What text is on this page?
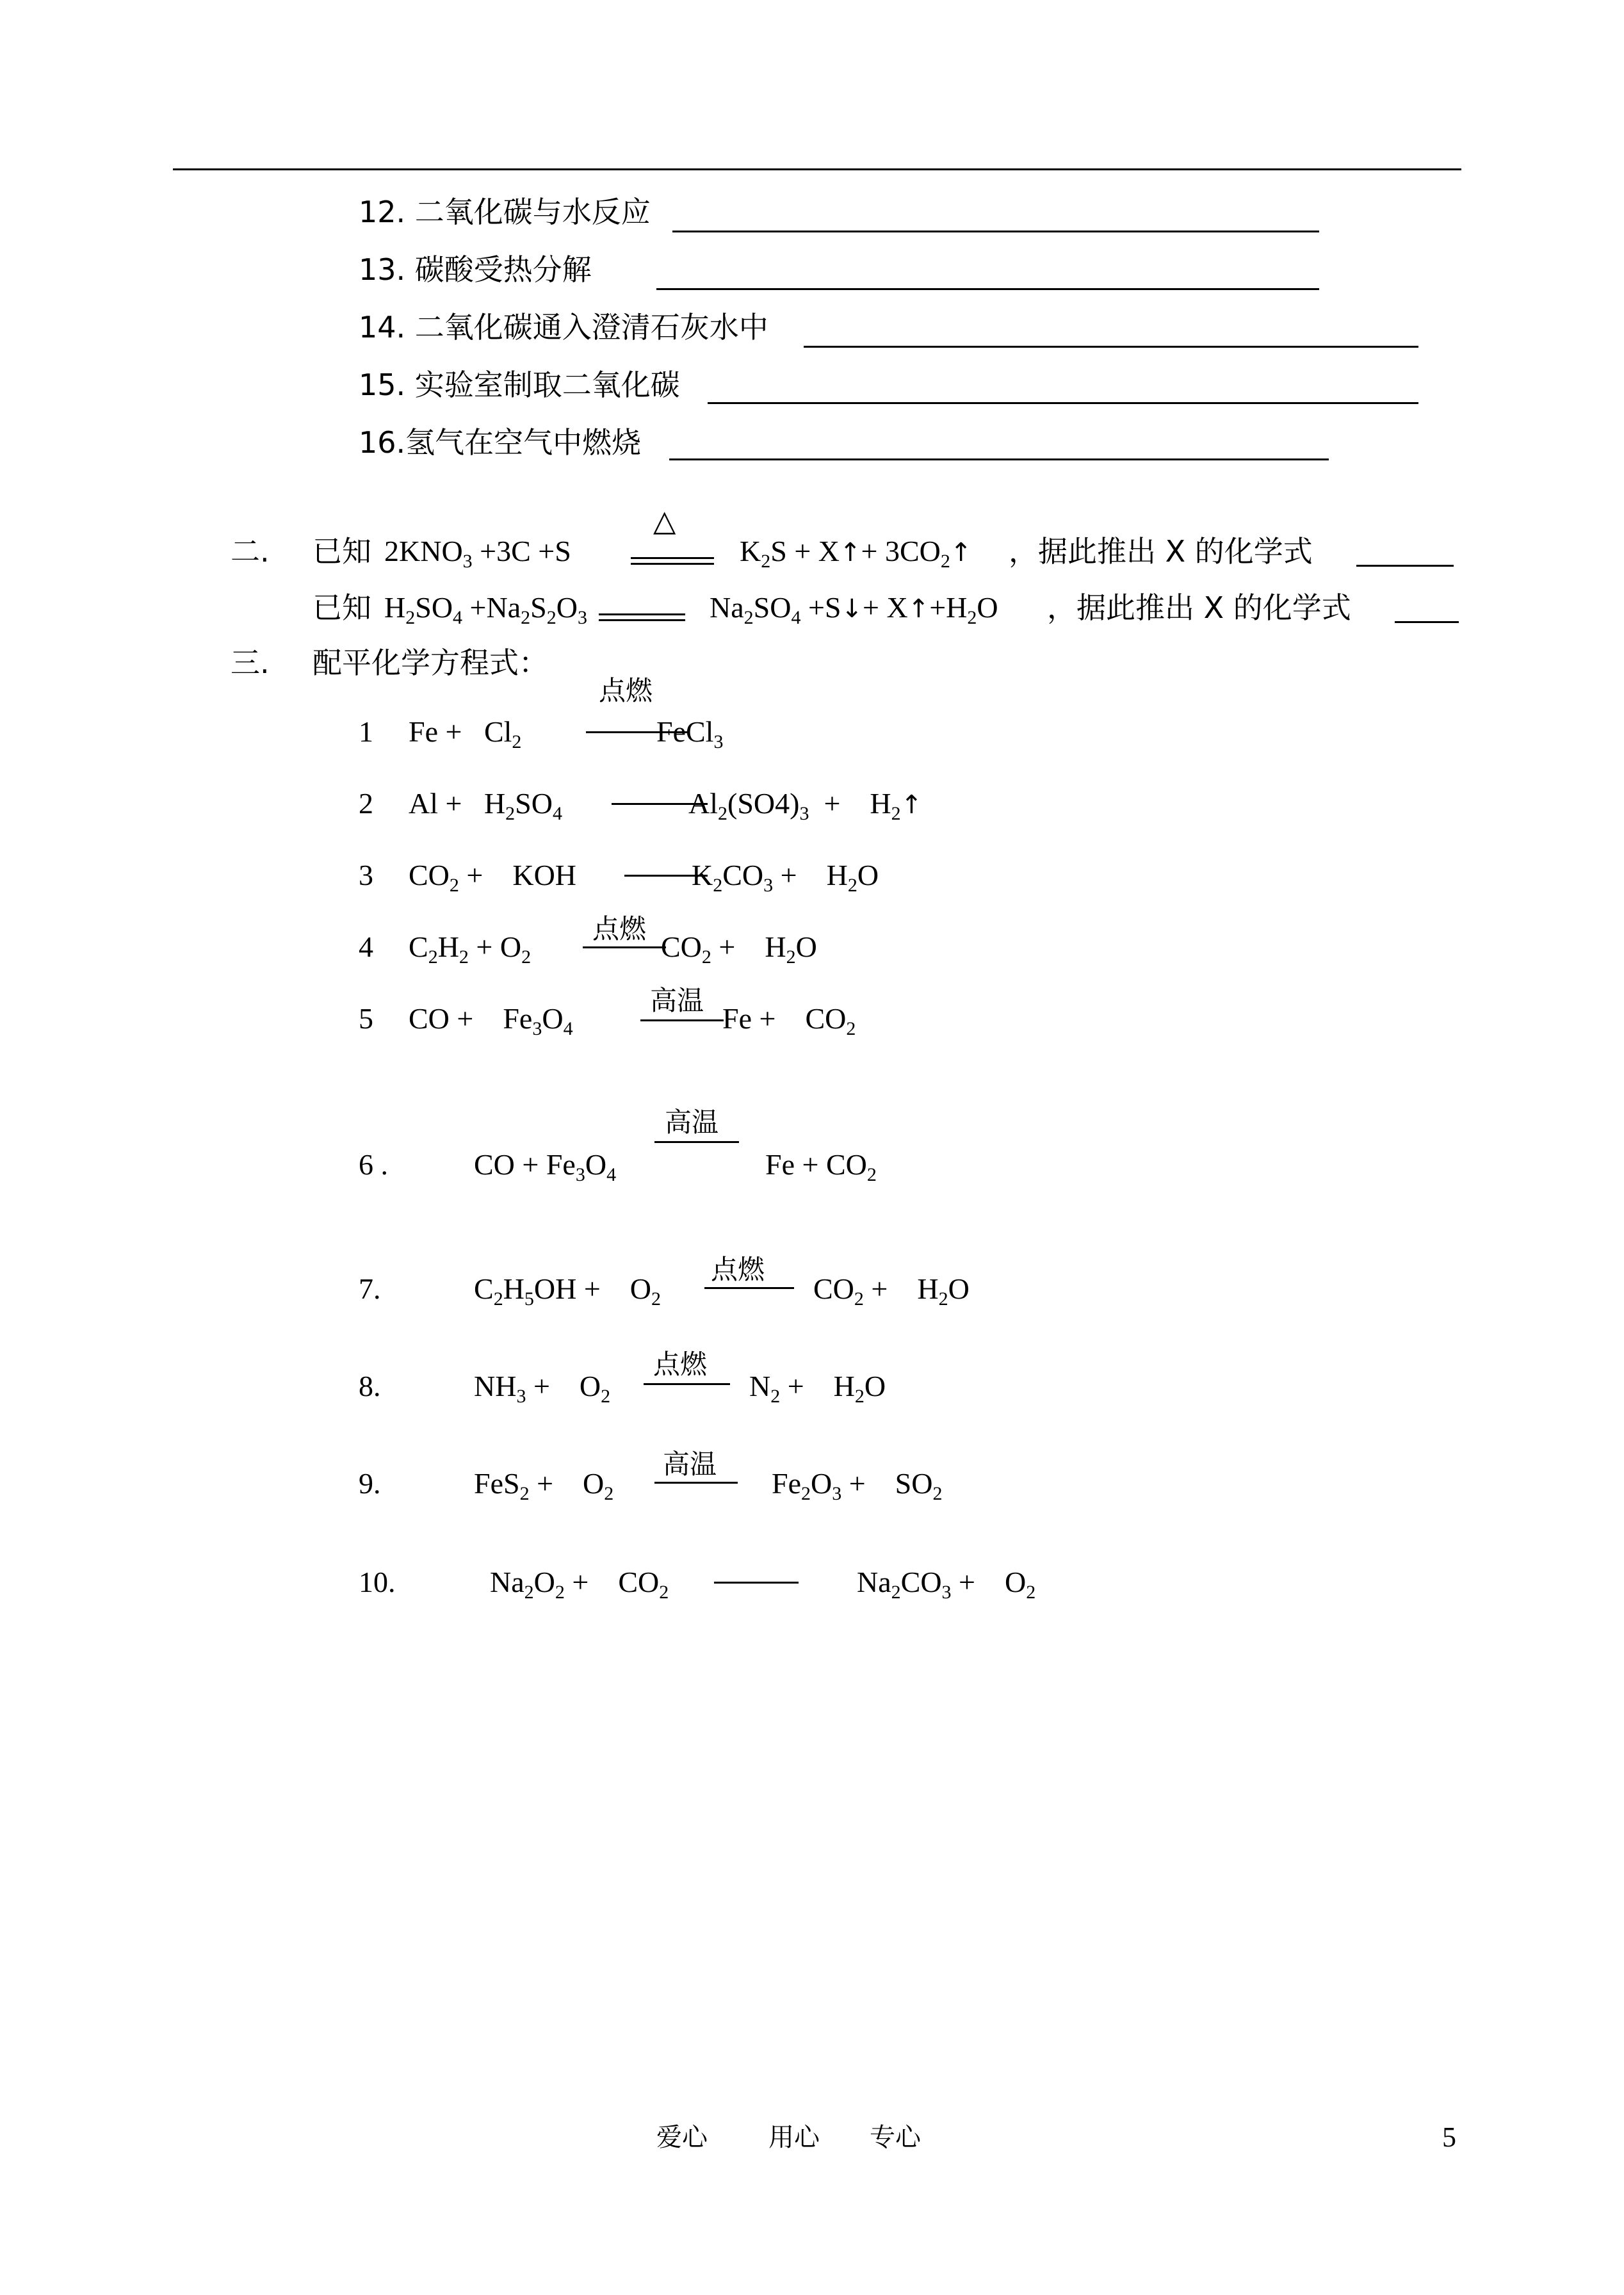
12. 二氧化碳与水反应
13. 碳酸受热分解
14. 二氧化碳通入澄清石灰水中
15. 实验室制取二氧化碳
16.氢气在空气中燃烧
二. 已知 $2KNO_3 +3C +S$
△
$K_2S$ + X↑+ $3CO_2↑$ ，据此推出 X 的化学式
已知 $H_2SO_4 +Na_2S_2O_3$	$Na_2SO_4$ +S↓+ $X↑+H_2O$ ，据此推出 X 的化学式
三. 配平化学方程式：
1 $Fe + Cl_2$
点燃
FeCl$_3$
2 $Al + H_2SO_4$	$Al_2(SO4)_3$  +    $H_2↑$
3 $CO_2$ +    KOH	$K_2CO_3$ +    $H_2O$
4 $C_2H_2 + O_2$
点燃
$CO_2$ +    $H_2O$
5 CO +    $Fe_3O_4$
高温
Fe +    $CO_2$
6 .	CO + $Fe_3O_4$
高温
$Fe + CO_2$
7.	$C_2H_5OH$ +    $O_2$
点燃
$CO_2$ +    $H_2O$
8.	$NH_3$ +    $O_2$
点燃
$N_2$ +    $H_2O$
9.	FeS$_2$ +    $O_2$
高温
$Fe_2O_3$ +    $SO_2$
10.	$Na_2O_2$ +    $CO_2$	$Na_2CO_3$ +    $O_2$
爱心 用心 专心	5
